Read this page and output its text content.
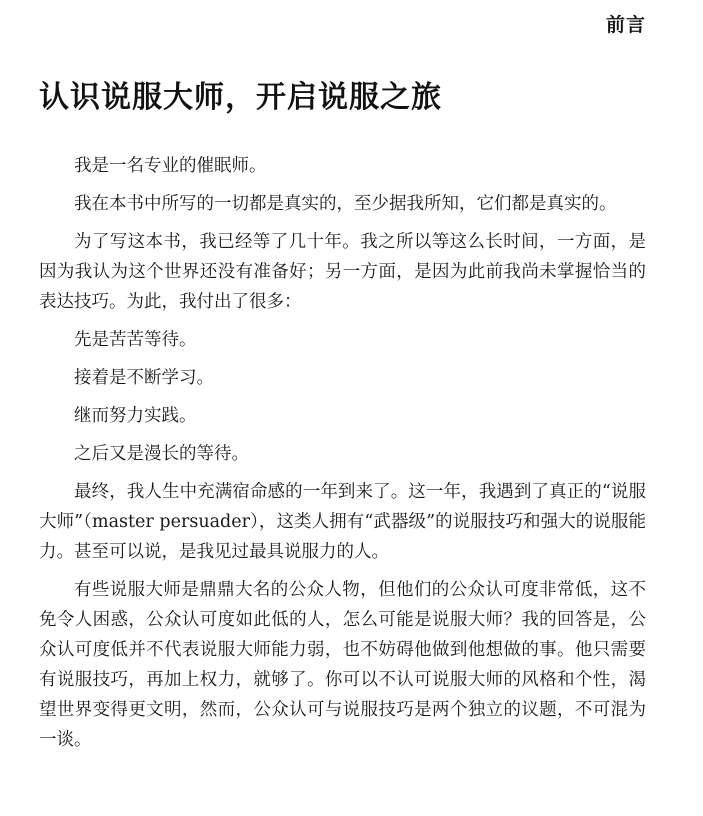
前言
认识说服大师，开启说服之旅

我是一名专业的催眠师。

我在本书中所写的一切都是真实的，至少据我所知，它们都是真实的。

为了写这本书，我已经等了几十年。我之所以等这么长时间，一方面，是因为我认为这个世界还没有准备好；另一方面，是因为此前我尚未掌握恰当的表达技巧。为此，我付出了很多：

先是苦苦等待。

接着是不断学习。

继而努力实践。

之后又是漫长的等待。

最终，我人生中充满宿命感的一年到来了。这一年，我遇到了真正的“说服大师”（master persuader），这类人拥有“武器级”的说服技巧和强大的说服能力。甚至可以说，是我见过最具说服力的人。

有些说服大师是鼎鼎大名的公众人物，但他们的公众认可度非常低，这不免令人困惑，公众认可度如此低的人，怎么可能是说服大师？我的回答是，公众认可度低并不代表说服大师能力弱，也不妨碍他做到他想做的事。他只需要有说服技巧，再加上权力，就够了。你可以不认可说服大师的风格和个性，渴望世界变得更文明，然而，公众认可与说服技巧是两个独立的议题，不可混为一谈。
